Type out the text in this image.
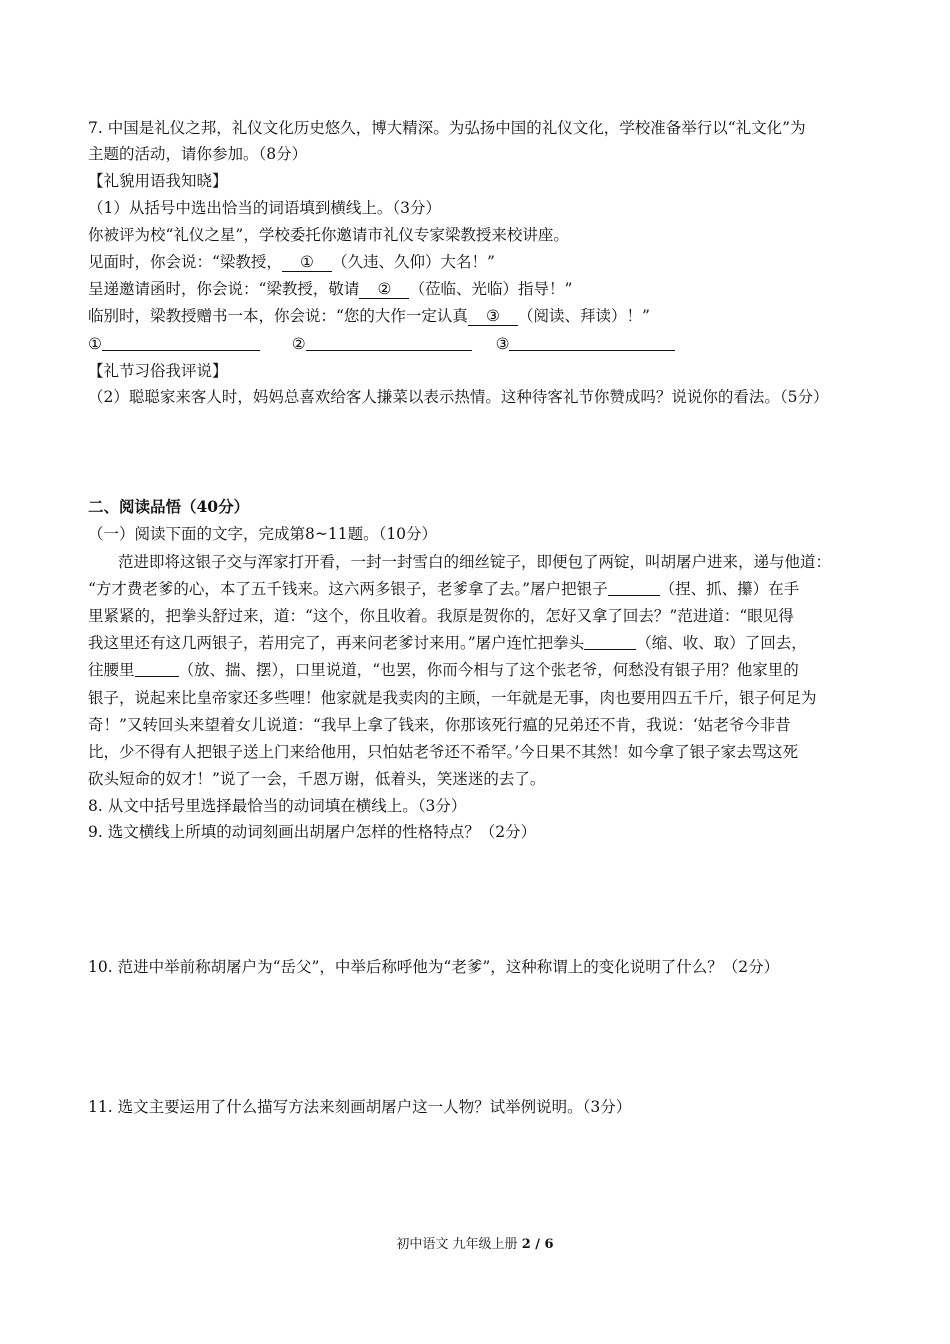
7. 中国是礼仪之邦，礼仪文化历史悠久，博大精深。为弘扬中国的礼仪文化，学校准备举行以“礼文化”为
主题的活动，请你参加。（8分）
【礼貌用语我知晓】
（1）从括号中选出恰当的词语填到横线上。（3分）
你被评为校“礼仪之星”，学校委托你邀请市礼仪专家梁教授来校讲座。
见面时，你会说：“梁教授， ① （久违、久仰）大名！”
呈递邀请函时，你会说：“梁教授，敬请 ② （莅临、光临）指导！”
临别时，梁教授赠书一本，你会说：“您的大作一定认真 ③ （阅读、拜读）！”
①	②	③
【礼节习俗我评说】
（2）聪聪家来客人时，妈妈总喜欢给客人搛菜以表示热情。这种待客礼节你赞成吗？说说你的看法。（5分）
二、阅读品悟（40分）
（一）阅读下面的文字，完成第8~11题。（10分）
范进即将这银子交与浑家打开看，一封一封雪白的细丝锭子，即便包了两锭，叫胡屠户进来，递与他道：
“方才费老爹的心，本了五千钱来。这六两多银子，老爹拿了去。”屠户把银子	（捏、抓、攥）在手
里紧紧的，把拳头舒过来，道：“这个，你且收着。我原是贺你的，怎好又拿了回去？”范进道：“眼见得
我这里还有这几两银子，若用完了，再来问老爹讨来用。”屠户连忙把拳头	（缩、收、取）了回去，
往腰里	（放、揣、摆），口里说道，“也罢，你而今相与了这个张老爷，何愁没有银子用？他家里的
银子，说起来比皇帝家还多些哩！他家就是我卖肉的主顾，一年就是无事，肉也要用四五千斤，银子何足为
奇！”又转回头来望着女儿说道：“我早上拿了钱来，你那该死行瘟的兄弟还不肯，我说：‘姑老爷今非昔
比，少不得有人把银子送上门来给他用，只怕姑老爷还不希罕。’今日果不其然！如今拿了银子家去骂这死
砍头短命的奴才！”说了一会，千恩万谢，低着头，笑迷迷的去了。
8. 从文中括号里选择最恰当的动词填在横线上。（3分）
9. 选文横线上所填的动词刻画出胡屠户怎样的性格特点？（2分）
10. 范进中举前称胡屠户为“岳父”，中举后称呼他为“老爹”，这种称谓上的变化说明了什么？（2分）
11. 选文主要运用了什么描写方法来刻画胡屠户这一人物？试举例说明。（3分）
初中语文 九年级上册 2 / 6
